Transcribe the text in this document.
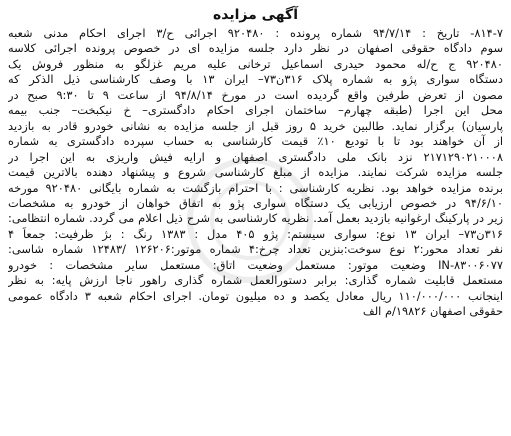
آگهی مزایده
۸۱۴-۷- تاریخ : ۹۴/۷/۱۴ شماره پرونده : ۹۲۰۴۸۰ اجرائی ح/۳ اجرای احکام مدنی شعبه
سوم دادگاه حقوقی اصفهان در نظر دارد جلسه مزایده ای در خصوص پرونده اجرائی کلاسه
۹۲۰۴۸۰ ج ح/له محمود حیدری اسماعیل ترخانی علیه مریم غزلگو به منظور فروش یک
دستگاه سواری پژو به شماره پلاک ۳۱۶ن۷۳– ایران ۱۳ با وصف کارشناسی ذیل الذکر که
مصون از تعرض طرفین واقع گردیده است در مورخ ۹۴/۸/۱۴ از ساعت ۹ تا ۹:۳۰ صبح در
محل این اجرا (طبقه چهارم– ساختمان اجرای احکام دادگستری– خ نیکبخت– جنب بیمه
پارسیان) برگزار نماید. طالبین خرید ۵ روز قبل از جلسه مزایده به نشانی خودرو قادر به بازدید
از آن خواهند بود تا با تودیع ۱۰٪ قیمت کارشناسی به حساب سپرده دادگستری به شماره
۲۱۷۱۲۹۰۲۱۰۰۰۸ نزد بانک ملی دادگستری اصفهان و ارایه فیش واریزی به این اجرا در
جلسه مزایده شرکت نمایند. مزایده از مبلغ کارشناسی شروع و پیشنهاد دهنده بالاترین قیمت
برنده مزایده خواهد بود. نظریه کارشناسی : با احترام بازگشت به شماره بایگانی ۹۲۰۴۸۰ مورخه
۹۴/۶/۱۰ در خصوص ارزیابی یک دستگاه سواری پژو به اتفاق خواهان از خودرو به مشخصات
زیر در پارکینگ ارغوانیه بازدید بعمل آمد. نظریه کارشناسی به شرح ذیل اعلام می گردد. شماره انتظامی:
۳۱۶ن۷۳– ایران ۱۳ نوع: سواری سیستم: پژو ۴۰۵ مدل : ۱۳۸۳ رنگ : بژ ظرفیت: جمعاً ۴
نفر تعداد محور:۲ نوع سوخت:بنزین تعداد چرخ:۴ شماره موتور:۱۲۶۲۰۶ /۱۲۴۸۳ شماره شاسی:
IN-۸۳۰۰۶۰۷۷ وضعیت موتور: مستعمل وضعیت اتاق: مستعمل سایر مشخصات : خودرو
مستعمل قابلیت شماره گذاری: برابر دستورالعمل شماره گذاری راهور ناجا ارزش پایه: به نظر
اینجانب ۱۱۰/۰۰۰/۰۰۰ ریال معادل یکصد و ده میلیون تومان. اجرای احکام شعبه ۳ دادگاه عمومی
حقوقی اصفهان ۱۹۸۲۶/م الف
